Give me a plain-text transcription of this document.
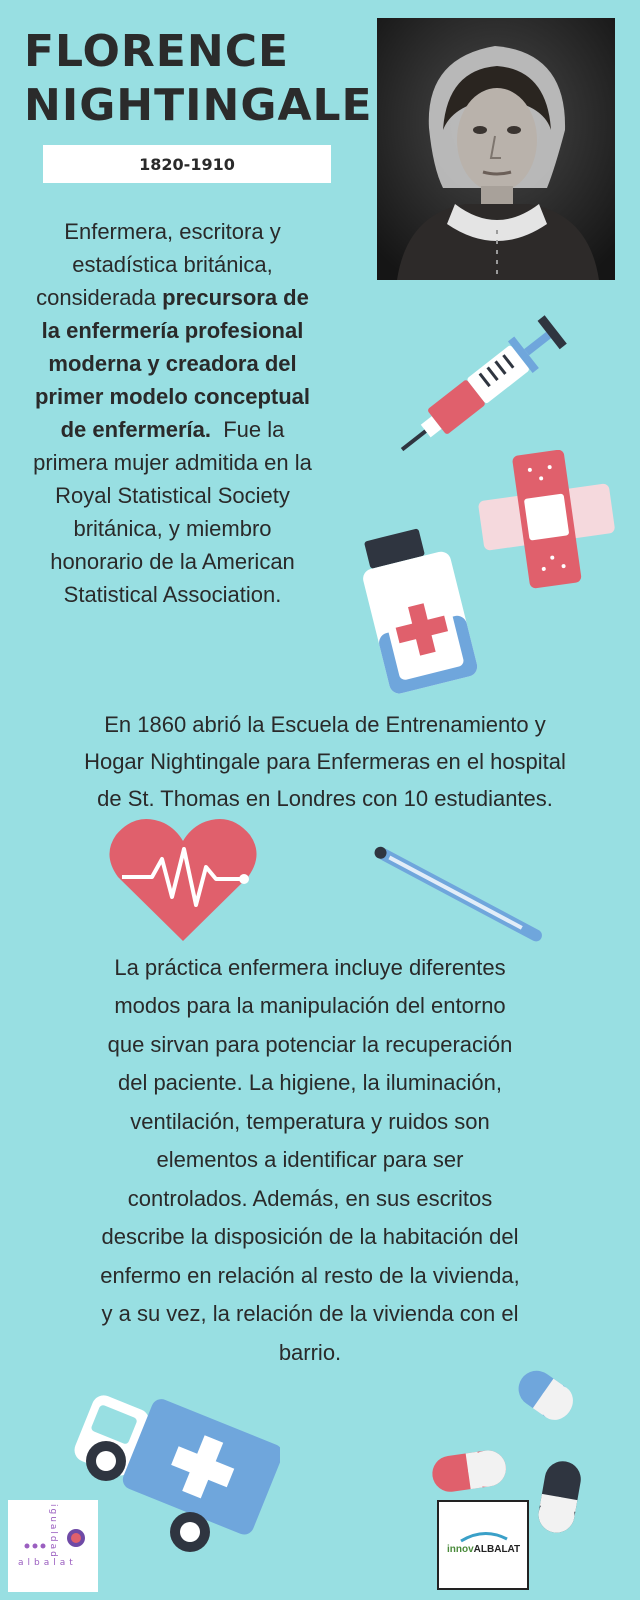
FLORENCE
NIGHTINGALE
1820-1910
Enfermera, escritora y
estadística británica,
considerada precursora de
la enfermería profesional
moderna y creadora del
primer modelo conceptual
de enfermería.  Fue la
primera mujer admitida en la
Royal Statistical Society
británica, y miembro
honorario de la American
Statistical Association.
En 1860 abrió la Escuela de Entrenamiento y
Hogar Nightingale para Enfermeras en el hospital
de St. Thomas en Londres con 10 estudiantes.
La práctica enfermera incluye diferentes
modos para la manipulación del entorno
que sirvan para potenciar la recuperación
del paciente. La higiene, la iluminación,
ventilación, temperatura y ruidos son
elementos a identificar para ser
controlados. Además, en sus escritos
describe la disposición de la habitación del
enfermo en relación al resto de la vivienda,
y a su vez, la relación de la vivienda con el
barrio.
igualdad
albalat
innovALBALAT
